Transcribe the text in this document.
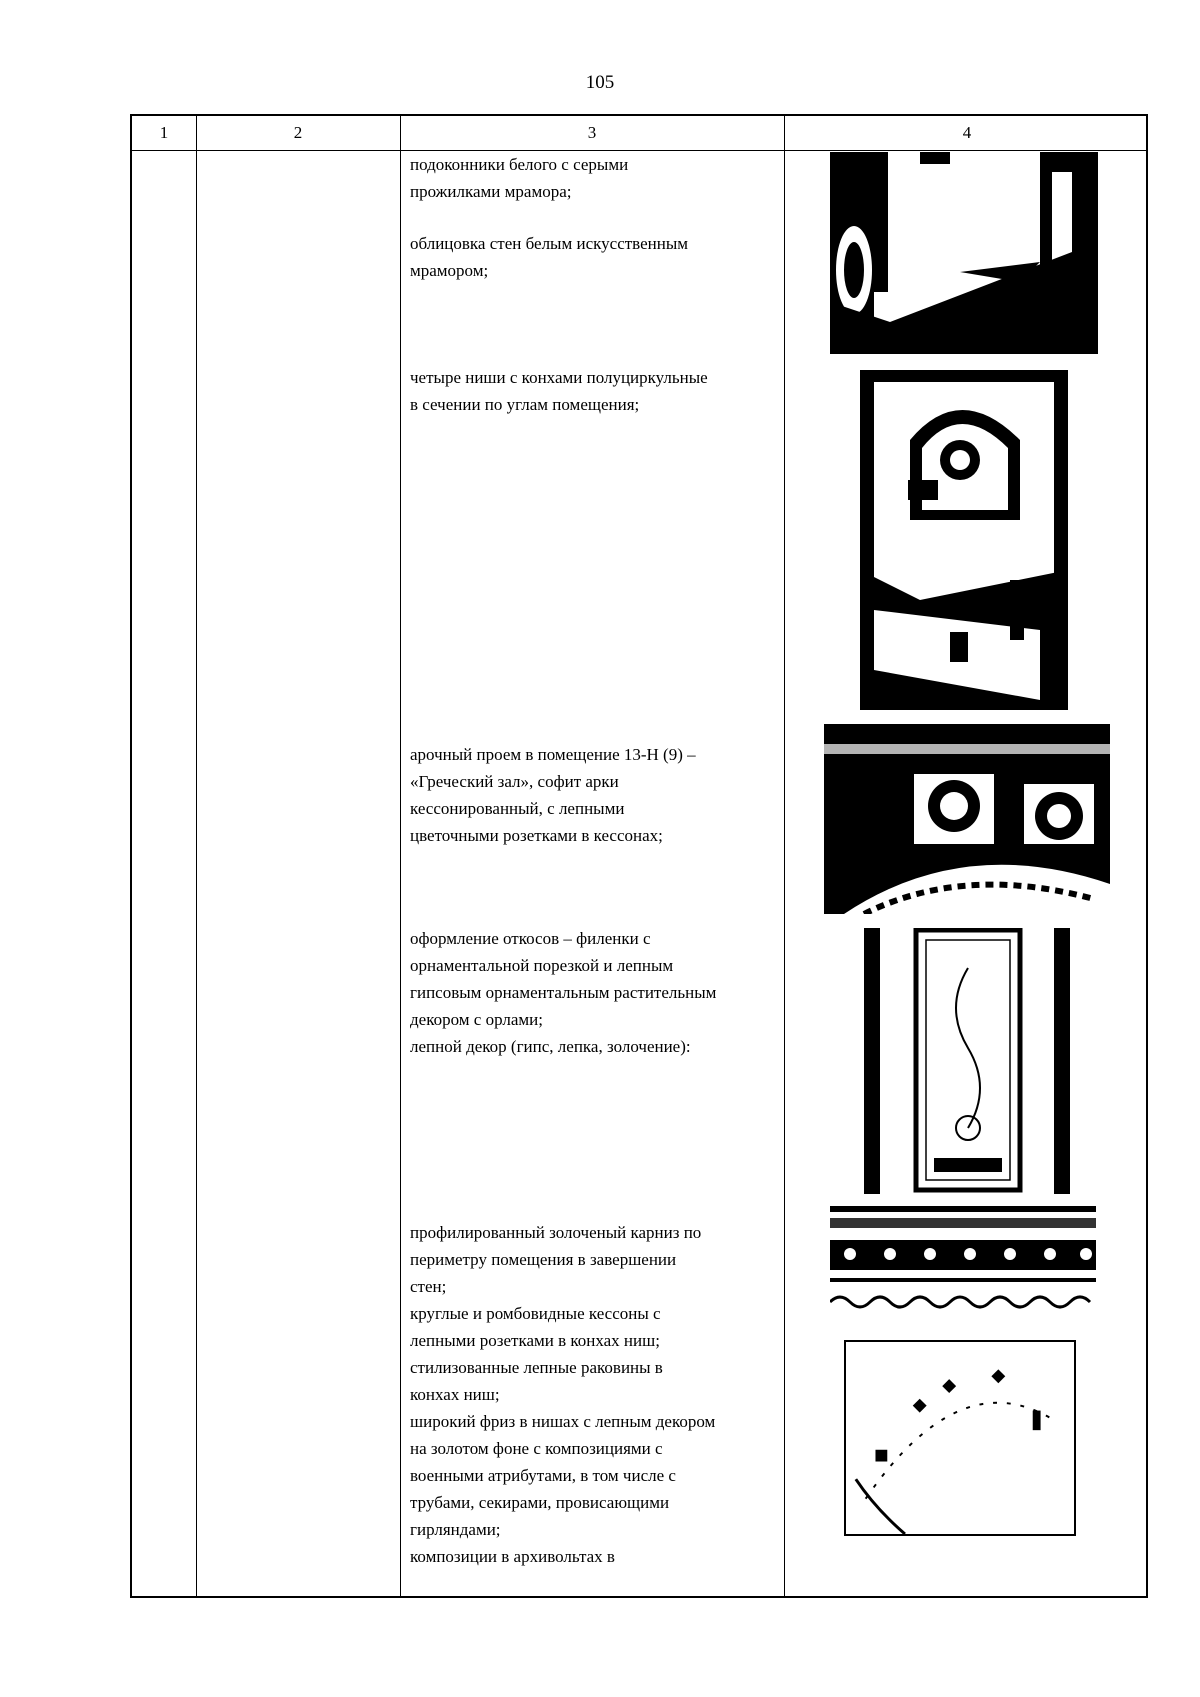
105
1	2	3	4

подоконники белого с серыми

прожилками мрамора;

облицовка стен белым искусственным

мрамором;

четыре ниши с конхами полуциркульные

в сечении по углам помещения;

арочный проем в помещение 13-Н (9) –

«Греческий зал», софит арки

кессонированный, с лепными

цветочными розетками в кессонах;

оформление откосов – филенки с

орнаментальной порезкой и лепным

гипсовым орнаментальным растительным

декором с орлами;

лепной декор (гипс, лепка, золочение):

профилированный золоченый карниз по

периметру помещения в завершении

стен;

круглые и ромбовидные кессоны с

лепными розетками в конхах ниш;

стилизованные лепные раковины в

конхах ниш;

широкий фриз в нишах с лепным декором

на золотом фоне с композициями с

военными атрибутами, в том числе с

трубами, секирами, провисающими

гирляндами;

композиции в архивольтах в
